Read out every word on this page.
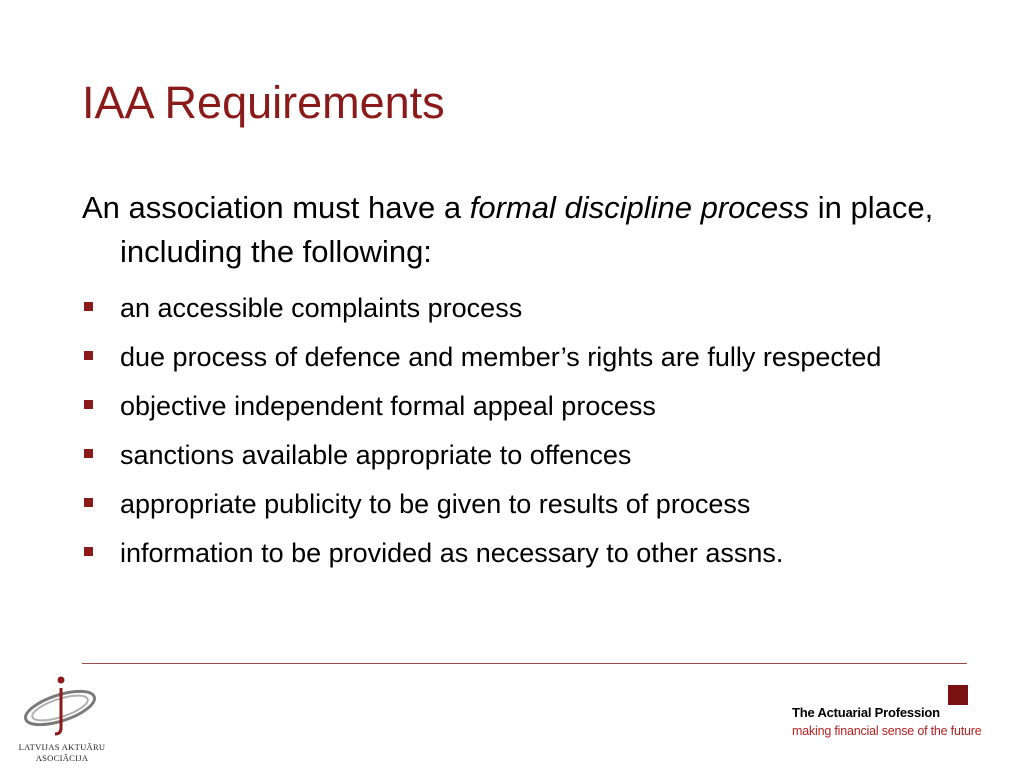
IAA Requirements

An association must have a formal discipline process in place, including the following:

an accessible complaints process
due process of defence and member’s rights are fully respected
objective independent formal appeal process
sanctions available appropriate to offences
appropriate publicity to be given to results of process
information to be provided as necessary to other assns.
LATVIJAS AKTUĀRU
ASOCIĀCIJA
The Actuarial Profession
making financial sense of the future
